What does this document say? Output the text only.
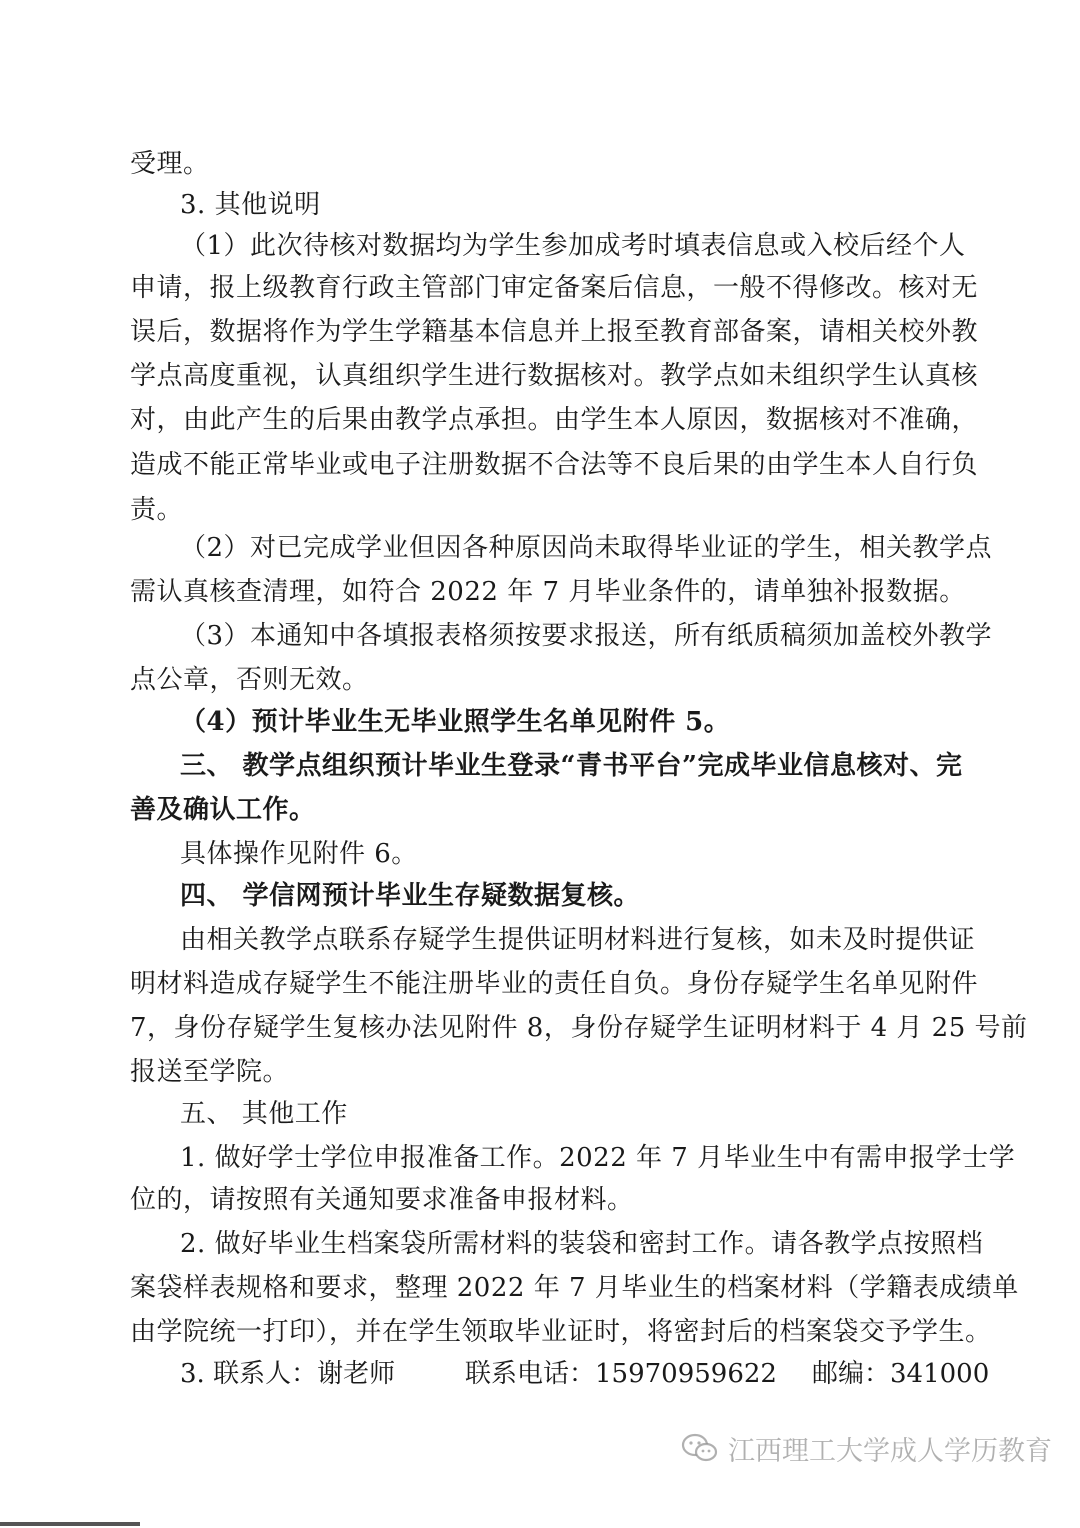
受理。
3. 其他说明
（1）此次待核对数据均为学生参加成考时填表信息或入校后经个人
申请，报上级教育行政主管部门审定备案后信息，一般不得修改。核对无
误后，数据将作为学生学籍基本信息并上报至教育部备案，请相关校外教
学点高度重视，认真组织学生进行数据核对。教学点如未组织学生认真核
对，由此产生的后果由教学点承担。由学生本人原因，数据核对不准确，
造成不能正常毕业或电子注册数据不合法等不良后果的由学生本人自行负
责。
（2）对已完成学业但因各种原因尚未取得毕业证的学生，相关教学点
需认真核查清理，如符合 2022 年 7 月毕业条件的，请单独补报数据。
（3）本通知中各填报表格须按要求报送，所有纸质稿须加盖校外教学
点公章，否则无效。
（4）预计毕业生无毕业照学生名单见附件 5。
三、 教学点组织预计毕业生登录“青书平台”完成毕业信息核对、完
善及确认工作。
具体操作见附件 6。
四、 学信网预计毕业生存疑数据复核。
由相关教学点联系存疑学生提供证明材料进行复核，如未及时提供证
明材料造成存疑学生不能注册毕业的责任自负。身份存疑学生名单见附件
7，身份存疑学生复核办法见附件 8，身份存疑学生证明材料于 4 月 25 号前
报送至学院。
五、 其他工作
1. 做好学士学位申报准备工作。2022 年 7 月毕业生中有需申报学士学
位的，请按照有关通知要求准备申报材料。
2. 做好毕业生档案袋所需材料的装袋和密封工作。请各教学点按照档
案袋样表规格和要求，整理 2022 年 7 月毕业生的档案材料（学籍表成绩单
由学院统一打印），并在学生领取毕业证时，将密封后的档案袋交予学生。
3. 联系人：谢老师	联系电话：15970959622 邮编：341000
江西理工大学成人学历教育
